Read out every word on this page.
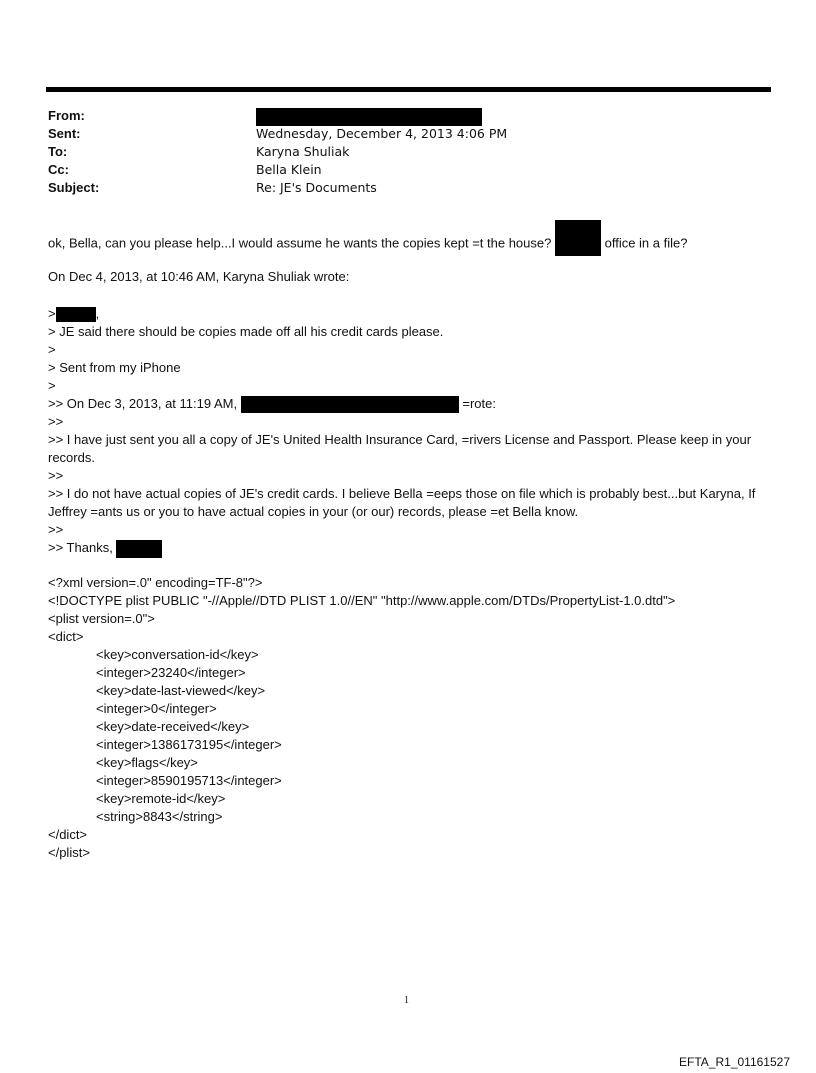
From:
Sent:	Wednesday, December 4, 2013 4:06 PM
To:	Karyna Shuliak
Cc:	Bella Klein
Subject:	Re: JE's Documents
ok, Bella, can you please help...I would assume he wants the copies kept =t the house?	office in a file?
On Dec 4, 2013, at 10:46 AM, Karyna Shuliak wrote:
>	,
> JE said there should be copies made off all his credit cards please.
>
> Sent from my iPhone
>
>> On Dec 3, 2013, at 11:19 AM,	=rote:
>>
>> I have just sent you all a copy of JE's United Health Insurance Card, =rivers License and Passport. Please keep in your records.
>>
>> I do not have actual copies of JE's credit cards. I believe Bella =eeps those on file which is probably best...but Karyna, If Jeffrey =ants us or you to have actual copies in your (or our) records, please =et Bella know.
>>
>> Thanks,
<?xml version=.0" encoding=TF-8"?>
<!DOCTYPE plist PUBLIC "-//Apple//DTD PLIST 1.0//EN" "http://www.apple.com/DTDs/PropertyList-1.0.dtd">
<plist version=.0">
<dict>
<key>conversation-id</key>
<integer>23240</integer>
<key>date-last-viewed</key>
<integer>0</integer>
<key>date-received</key>
<integer>1386173195</integer>
<key>flags</key>
<integer>8590195713</integer>
<key>remote-id</key>
<string>8843</string>
</dict>
</plist>
1
EFTA_R1_01161527
